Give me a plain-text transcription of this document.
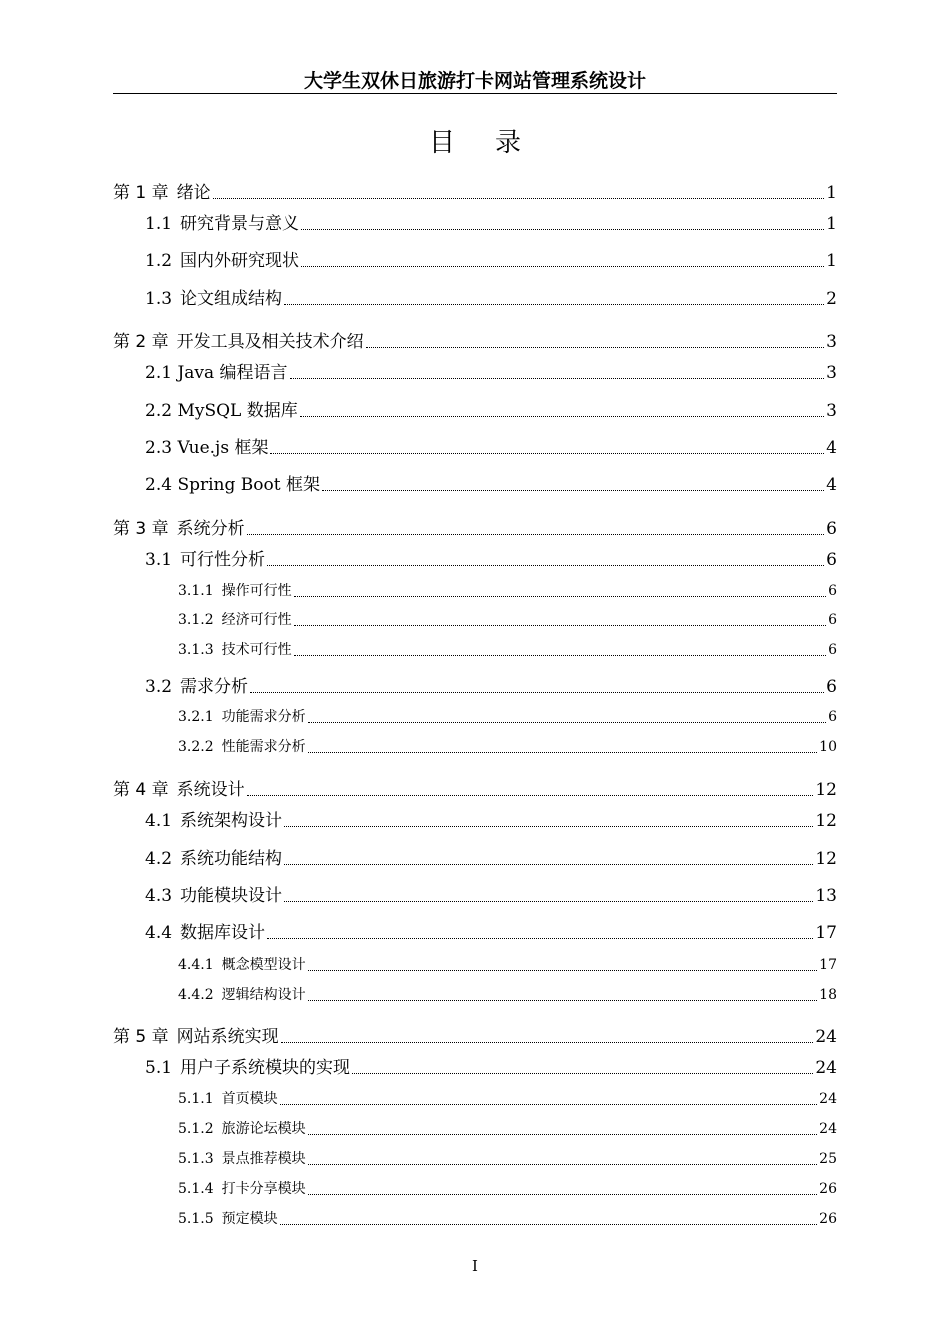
大学生双休日旅游打卡网站管理系统设计
目录
第 1 章 绪论	1
1.1 研究背景与意义	1
1.2 国内外研究现状	1
1.3 论文组成结构	2
第 2 章 开发工具及相关技术介绍	3
2.1 Java 编程语言	3
2.2 MySQL 数据库	3
2.3 Vue.js 框架	4
2.4 Spring Boot 框架	4
第 3 章 系统分析	6
3.1 可行性分析	6
3.1.1 操作可行性	6
3.1.2 经济可行性	6
3.1.3 技术可行性	6
3.2 需求分析	6
3.2.1 功能需求分析	6
3.2.2 性能需求分析	10
第 4 章 系统设计	12
4.1 系统架构设计	12
4.2 系统功能结构	12
4.3 功能模块设计	13
4.4 数据库设计	17
4.4.1 概念模型设计	17
4.4.2 逻辑结构设计	18
第 5 章 网站系统实现	24
5.1 用户子系统模块的实现	24
5.1.1 首页模块	24
5.1.2 旅游论坛模块	24
5.1.3 景点推荐模块	25
5.1.4 打卡分享模块	26
5.1.5 预定模块	26
I
